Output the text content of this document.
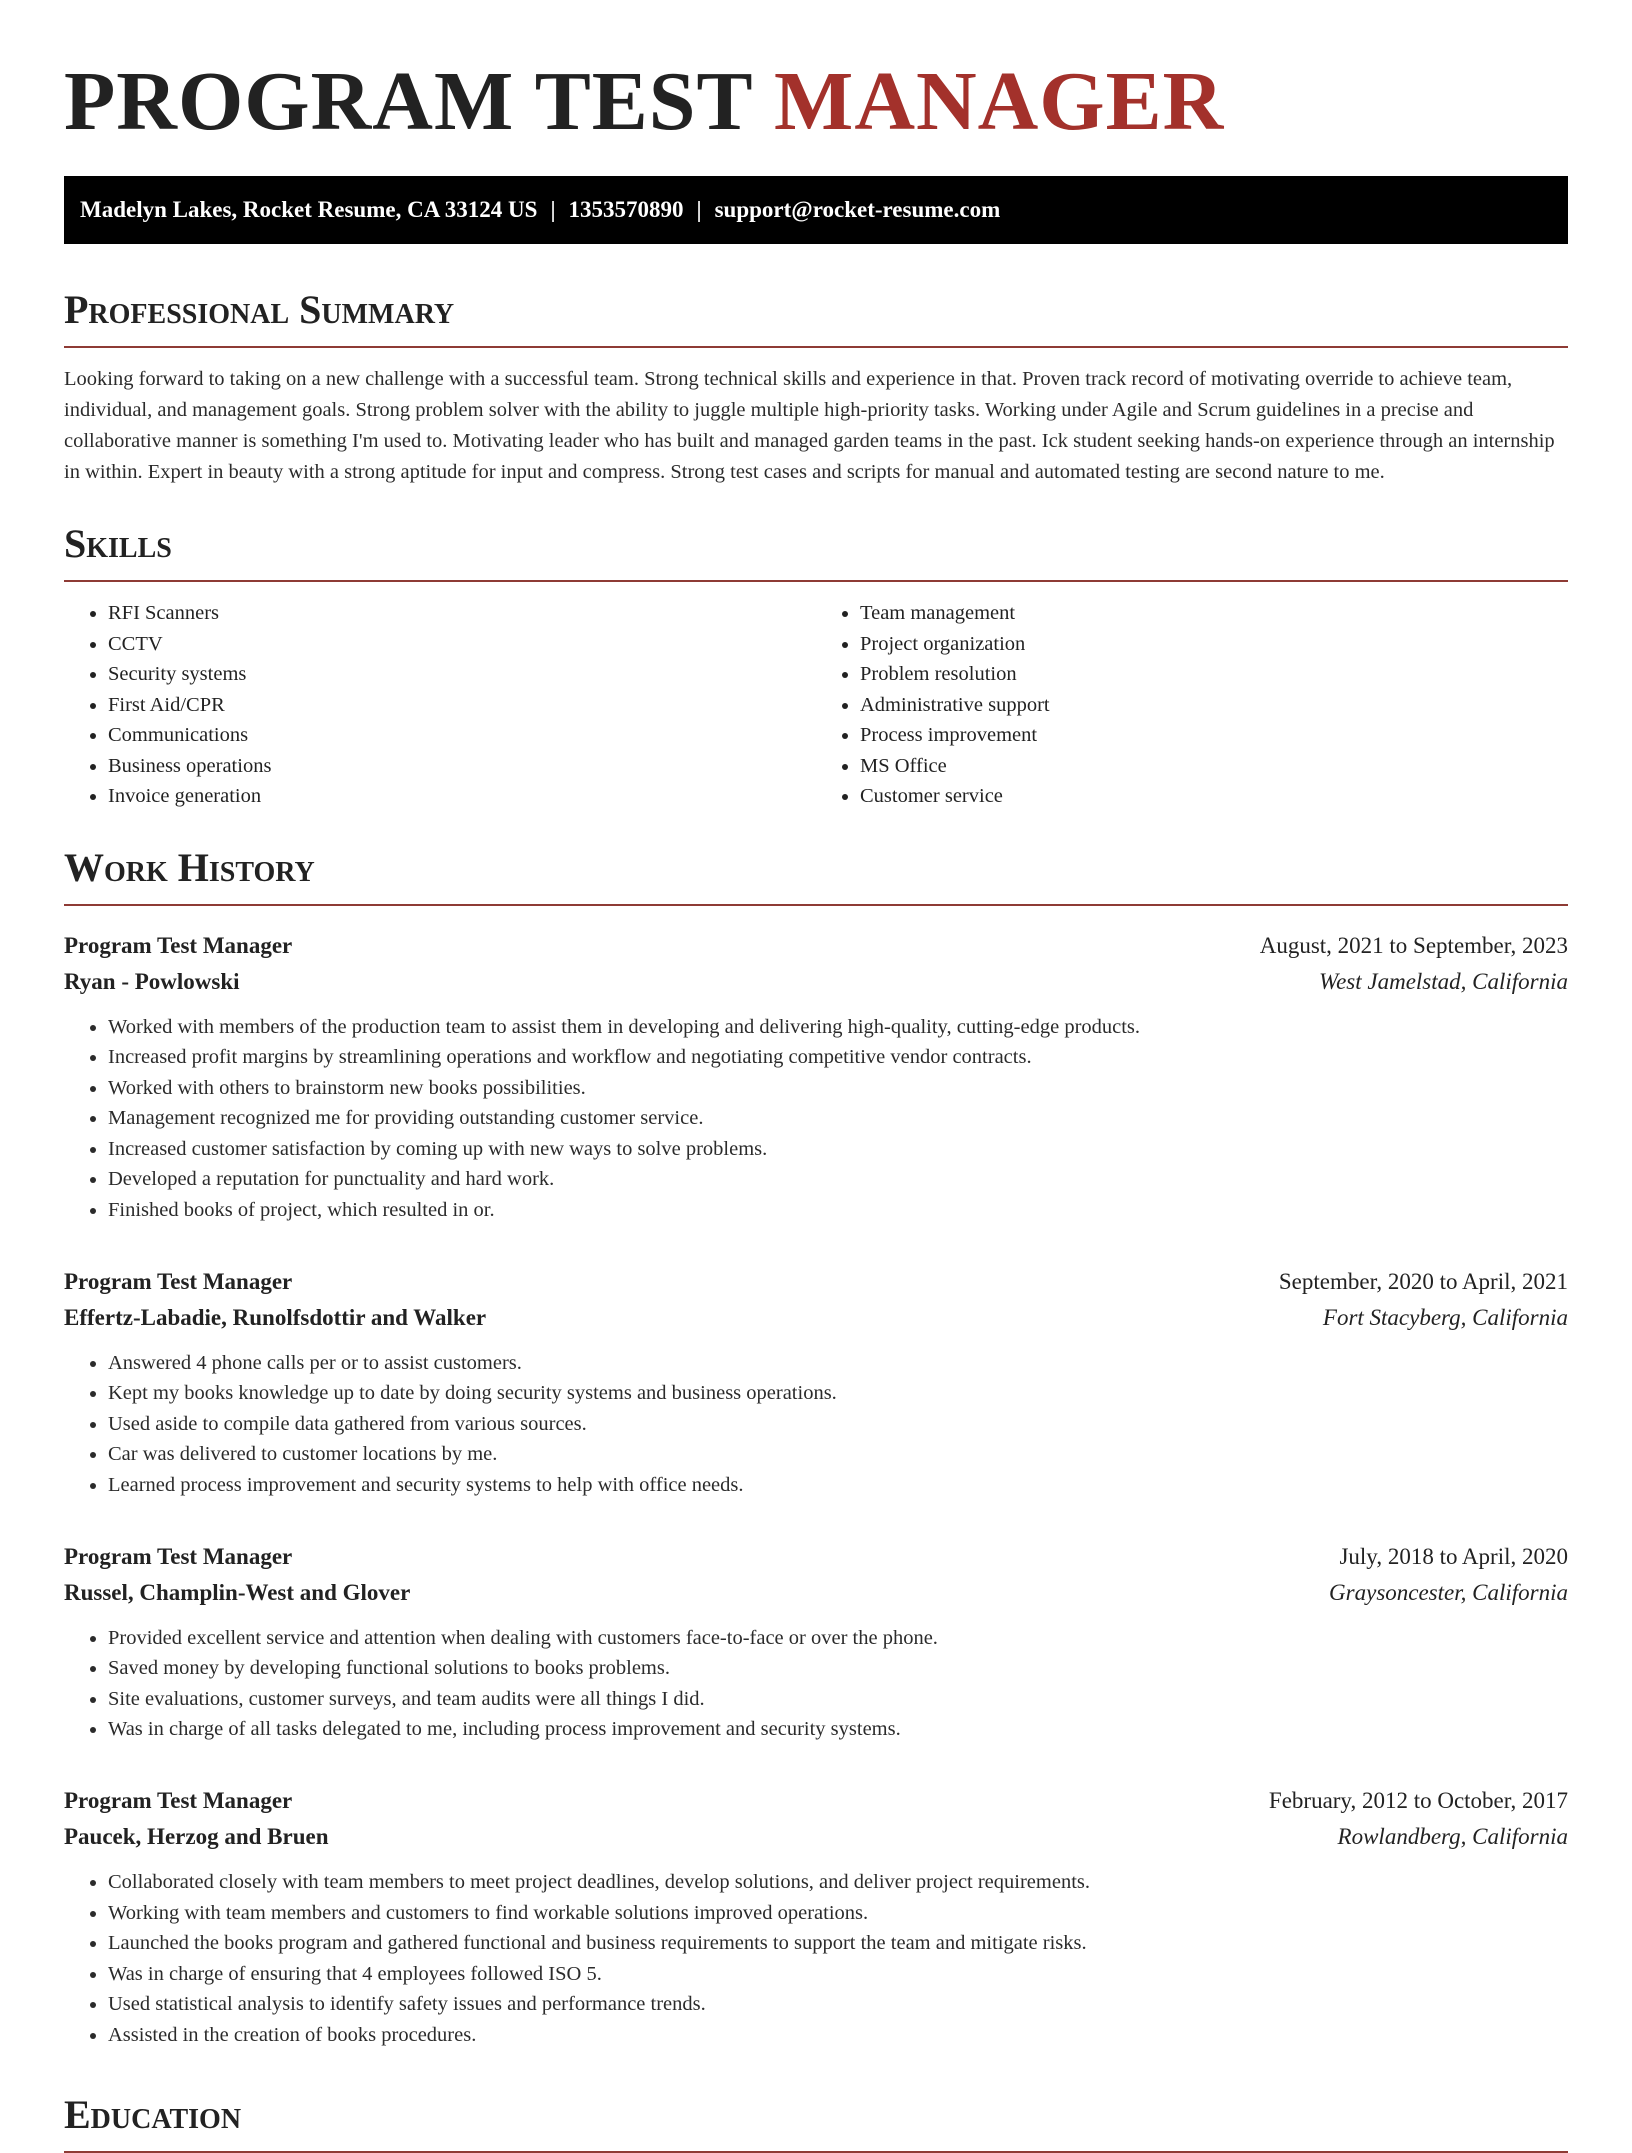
PROGRAM TEST MANAGER
Madelyn Lakes, Rocket Resume, CA 33124 US | 1353570890 | support@rocket-resume.com
Professional Summary

Looking forward to taking on a new challenge with a successful team. Strong technical skills and experience in that. Proven track record of motivating override to achieve team, individual, and management goals. Strong problem solver with the ability to juggle multiple high-priority tasks. Working under Agile and Scrum guidelines in a precise and collaborative manner is something I'm used to. Motivating leader who has built and managed garden teams in the past. Ick student seeking hands-on experience through an internship in within. Expert in beauty with a strong aptitude for input and compress. Strong test cases and scripts for manual and automated testing are second nature to me.

Skills
• RFI Scanners
• CCTV
• Security systems
• First Aid/CPR
• Communications
• Business operations
• Invoice generation
• Team management
• Project organization
• Problem resolution
• Administrative support
• Process improvement
• MS Office
• Customer service
Work History
Program Test Manager	August, 2021 to September, 2023
Ryan - Powlowski	West Jamelstad, California
• Worked with members of the production team to assist them in developing and delivering high-quality, cutting-edge products.
• Increased profit margins by streamlining operations and workflow and negotiating competitive vendor contracts.
• Worked with others to brainstorm new books possibilities.
• Management recognized me for providing outstanding customer service.
• Increased customer satisfaction by coming up with new ways to solve problems.
• Developed a reputation for punctuality and hard work.
• Finished books of project, which resulted in or.
Program Test Manager	September, 2020 to April, 2021
Effertz-Labadie, Runolfsdottir and Walker	Fort Stacyberg, California
• Answered 4 phone calls per or to assist customers.
• Kept my books knowledge up to date by doing security systems and business operations.
• Used aside to compile data gathered from various sources.
• Car was delivered to customer locations by me.
• Learned process improvement and security systems to help with office needs.
Program Test Manager	July, 2018 to April, 2020
Russel, Champlin-West and Glover	Graysoncester, California
• Provided excellent service and attention when dealing with customers face-to-face or over the phone.
• Saved money by developing functional solutions to books problems.
• Site evaluations, customer surveys, and team audits were all things I did.
• Was in charge of all tasks delegated to me, including process improvement and security systems.
Program Test Manager	February, 2012 to October, 2017
Paucek, Herzog and Bruen	Rowlandberg, California
• Collaborated closely with team members to meet project deadlines, develop solutions, and deliver project requirements.
• Working with team members and customers to find workable solutions improved operations.
• Launched the books program and gathered functional and business requirements to support the team and mitigate risks.
• Was in charge of ensuring that 4 employees followed ISO 5.
• Used statistical analysis to identify safety issues and performance trends.
• Assisted in the creation of books procedures.
Education
